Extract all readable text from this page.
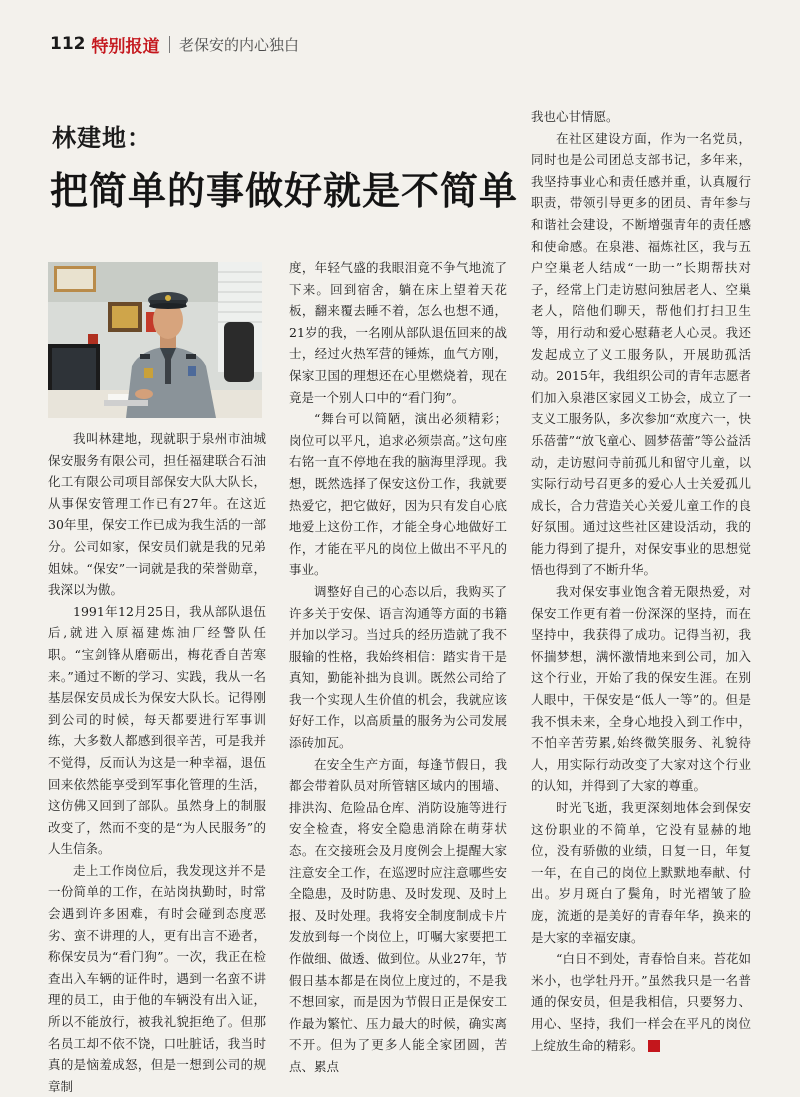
112 特别报道 老保安的内心独白
林建地：
把简单的事做好就是不简单

我叫林建地，现就职于泉州市油城保安服务有限公司，担任福建联合石油化工有限公司项目部保安大队大队长，从事保安管理工作已有27年。在这近30年里，保安工作已成为我生活的一部分。公司如家，保安员们就是我的兄弟姐妹。“保安”一词就是我的荣誉勋章，我深以为傲。

1991年12月25日，我从部队退伍后,就进入原福建炼油厂经警队任职。“宝剑锋从磨砺出，梅花香自苦寒来。”通过不断的学习、实践，我从一名基层保安员成长为保安大队长。记得刚到公司的时候，每天都要进行军事训练，大多数人都感到很辛苦，可是我并不觉得，反而认为这是一种幸福，退伍回来依然能享受到军事化管理的生活，这仿佛又回到了部队。虽然身上的制服改变了，然而不变的是“为人民服务”的人生信条。

走上工作岗位后，我发现这并不是一份简单的工作，在站岗执勤时，时常会遇到许多困难，有时会碰到态度恶劣、蛮不讲理的人，更有出言不逊者，称保安员为“看门狗”。一次，我正在检查出入车辆的证件时，遇到一名蛮不讲理的员工，由于他的车辆没有出入证，所以不能放行，被我礼貌拒绝了。但那名员工却不依不饶，口吐脏话，我当时真的是恼羞成怒，但是一想到公司的规章制

度，年轻气盛的我眼泪竟不争气地流了下来。回到宿舍，躺在床上望着天花板，翻来覆去睡不着，怎么也想不通，21岁的我，一名刚从部队退伍回来的战士，经过火热军营的锤炼，血气方刚，保家卫国的理想还在心里燃烧着，现在竟是一个别人口中的“看门狗”。

“舞台可以简陋，演出必须精彩；岗位可以平凡，追求必须崇高。”这句座右铭一直不停地在我的脑海里浮现。我想，既然选择了保安这份工作，我就要热爱它，把它做好，因为只有发自心底地爱上这份工作，才能全身心地做好工作，才能在平凡的岗位上做出不平凡的事业。

调整好自己的心态以后，我购买了许多关于安保、语言沟通等方面的书籍并加以学习。当过兵的经历造就了我不服输的性格，我始终相信：踏实肯干是真知，勤能补拙为良训。既然公司给了我一个实现人生价值的机会，我就应该好好工作，以高质量的服务为公司发展添砖加瓦。

在安全生产方面，每逢节假日，我都会带着队员对所管辖区域内的围墙、排洪沟、危险品仓库、消防设施等进行安全检查，将安全隐患消除在萌芽状态。在交接班会及月度例会上提醒大家注意安全工作，在巡逻时应注意哪些安全隐患，及时防患、及时发现、及时上报、及时处理。我将安全制度制成卡片发放到每一个岗位上，叮嘱大家要把工作做细、做透、做到位。从业27年，节假日基本都是在岗位上度过的，不是我不想回家，而是因为节假日正是保安工作最为繁忙、压力最大的时候，确实离不开。但为了更多人能全家团圆，苦点、累点

我也心甘情愿。

在社区建设方面，作为一名党员，同时也是公司团总支部书记，多年来，我坚持事业心和责任感并重，认真履行职责，带领引导更多的团员、青年参与和谐社会建设，不断增强青年的责任感和使命感。在泉港、福炼社区，我与五户空巢老人结成“一助一”长期帮扶对子，经常上门走访慰问独居老人、空巢老人，陪他们聊天，帮他们打扫卫生等，用行动和爱心慰藉老人心灵。我还发起成立了义工服务队，开展助孤活动。2015年，我组织公司的青年志愿者们加入泉港区家园义工协会，成立了一支义工服务队，多次参加“欢度六一，快乐蓓蕾”“放飞童心、圆梦蓓蕾”等公益活动，走访慰问寺前孤儿和留守儿童，以实际行动号召更多的爱心人士关爱孤儿成长，合力营造关心关爱儿童工作的良好氛围。通过这些社区建设活动，我的能力得到了提升，对保安事业的思想觉悟也得到了不断升华。

我对保安事业饱含着无限热爱，对保安工作更有着一份深深的坚持，而在坚持中，我获得了成功。记得当初，我怀揣梦想，满怀激情地来到公司，加入这个行业，开始了我的保安生涯。在别人眼中，干保安是“低人一等”的。但是我不惧未来，全身心地投入到工作中，不怕辛苦劳累,始终微笑服务、礼貌待人，用实际行动改变了大家对这个行业的认知，并得到了大家的尊重。

时光飞逝，我更深刻地体会到保安这份职业的不简单，它没有显赫的地位，没有骄傲的业绩，日复一日，年复一年，在自己的岗位上默默地奉献、付出。岁月斑白了鬓角，时光褶皱了脸庞，流逝的是美好的青春年华，换来的是大家的幸福安康。

“白日不到处，青春恰自来。苔花如米小，也学牡丹开。”虽然我只是一名普通的保安员，但是我相信，只要努力、用心、坚持，我们一样会在平凡的岗位上绽放生命的精彩。
